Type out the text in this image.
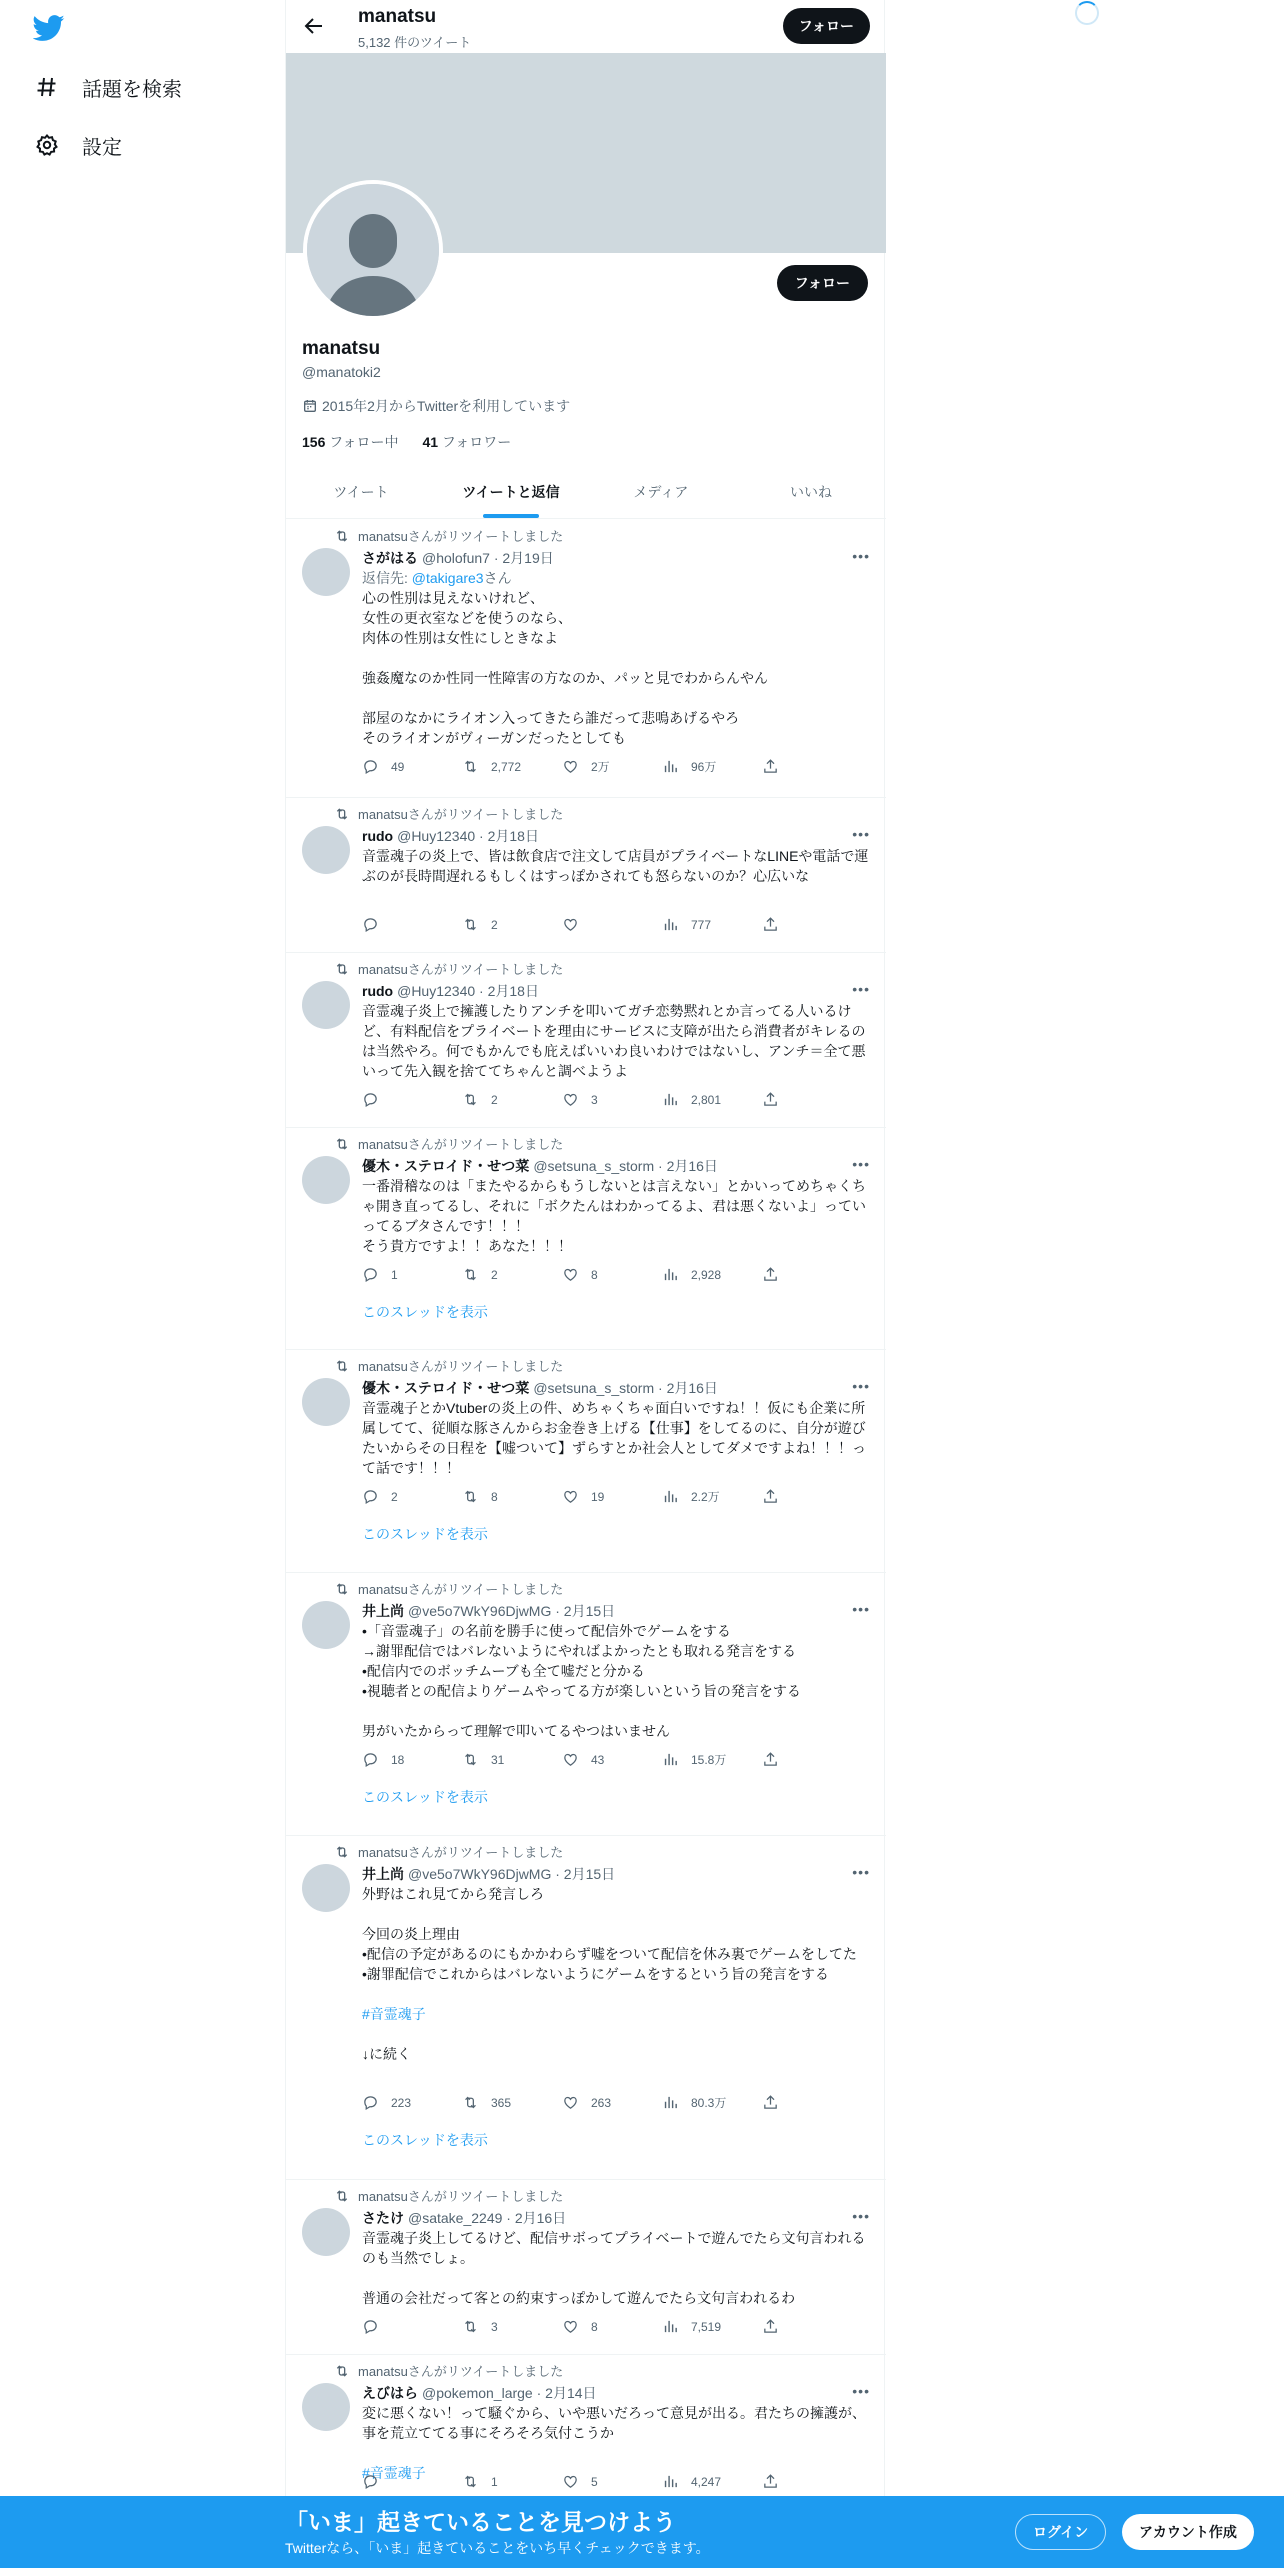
話題を検索
設定
manatsu
5,132 件のツイート
フォロー
フォロー
manatsu
@manatoki2
2015年2月からTwitterを利用しています
156 フォロー中 41 フォロワー
ツイート	ツイートと返信	メディア	いいね
manatsuさんがリツイートしました
さがはる @holofun7 · 2月19日	•••
返信先: @takigare3さん
心の性別は見えないけれど、
女性の更衣室などを使うのなら、
肉体の性別は女性にしときなよ

強姦魔なのか性同一性障害の方なのか、パッと見でわからんやん

部屋のなかにライオン入ってきたら誰だって悲鳴あげるやろ
そのライオンがヴィーガンだったとしても
49	2,772	2万	96万
manatsuさんがリツイートしました
rudo @Huy12340 · 2月18日	•••
音霊魂子の炎上で、皆は飲食店で注文して店員がプライベートなLINEや電話で運ぶのが長時間遅れるもしくはすっぽかされても怒らないのか？心広いな
2	777
manatsuさんがリツイートしました
rudo @Huy12340 · 2月18日	•••
音霊魂子炎上で擁護したりアンチを叩いてガチ恋勢黙れとか言ってる人いるけど、有料配信をプライベートを理由にサービスに支障が出たら消費者がキレるのは当然やろ。何でもかんでも庇えばいいわ良いわけではないし、アンチ＝全て悪いって先入観を捨ててちゃんと調べようよ
2	3	2,801
manatsuさんがリツイートしました
優木・ステロイド・せつ菜 @setsuna_s_storm · 2月16日	•••
一番滑稽なのは「またやるからもうしないとは言えない」とかいってめちゃくちゃ開き直ってるし、それに「ボクたんはわかってるよ、君は悪くないよ」っていってるブタさんです！！！
そう貴方ですよ！！あなた！！！
1	2	8	2,928
このスレッドを表示
manatsuさんがリツイートしました
優木・ステロイド・せつ菜 @setsuna_s_storm · 2月16日	•••
音霊魂子とかVtuberの炎上の件、めちゃくちゃ面白いですね！！仮にも企業に所属してて、従順な豚さんからお金巻き上げる【仕事】をしてるのに、自分が遊びたいからその日程を【嘘ついて】ずらすとか社会人としてダメですよね！！！って話です！！！
2	8	19	2.2万
このスレッドを表示
manatsuさんがリツイートしました
井上尚 @ve5o7WkY96DjwMG · 2月15日	•••
•「音霊魂子」の名前を勝手に使って配信外でゲームをする
→謝罪配信ではバレないようにやればよかったとも取れる発言をする
•配信内でのボッチムーブも全て嘘だと分かる
•視聴者との配信よりゲームやってる方が楽しいという旨の発言をする

男がいたからって理解で叩いてるやつはいません
18	31	43	15.8万
このスレッドを表示
manatsuさんがリツイートしました
井上尚 @ve5o7WkY96DjwMG · 2月15日	•••
外野はこれ見てから発言しろ

今回の炎上理由
•配信の予定があるのにもかかわらず嘘をついて配信を休み裏でゲームをしてた
•謝罪配信でこれからはバレないようにゲームをするという旨の発言をする

#音霊魂子

↓に続く
223	365	263	80.3万
このスレッドを表示
manatsuさんがリツイートしました
さたけ @satake_2249 · 2月16日	•••
音霊魂子炎上してるけど、配信サボってプライベートで遊んでたら文句言われるのも当然でしょ。

普通の会社だって客との約束すっぽかして遊んでたら文句言われるわ
3	8	7,519
manatsuさんがリツイートしました
えびはら @pokemon_large · 2月14日	•••
変に悪くない！って騒ぐから、いや悪いだろって意見が出る。君たちの擁護が、事を荒立ててる事にそろそろ気付こうか

#音霊魂子
1	5	4,247
「いま」起きていることを見つけよう
Twitterなら、「いま」起きていることをいち早くチェックできます。
ログイン	アカウント作成
